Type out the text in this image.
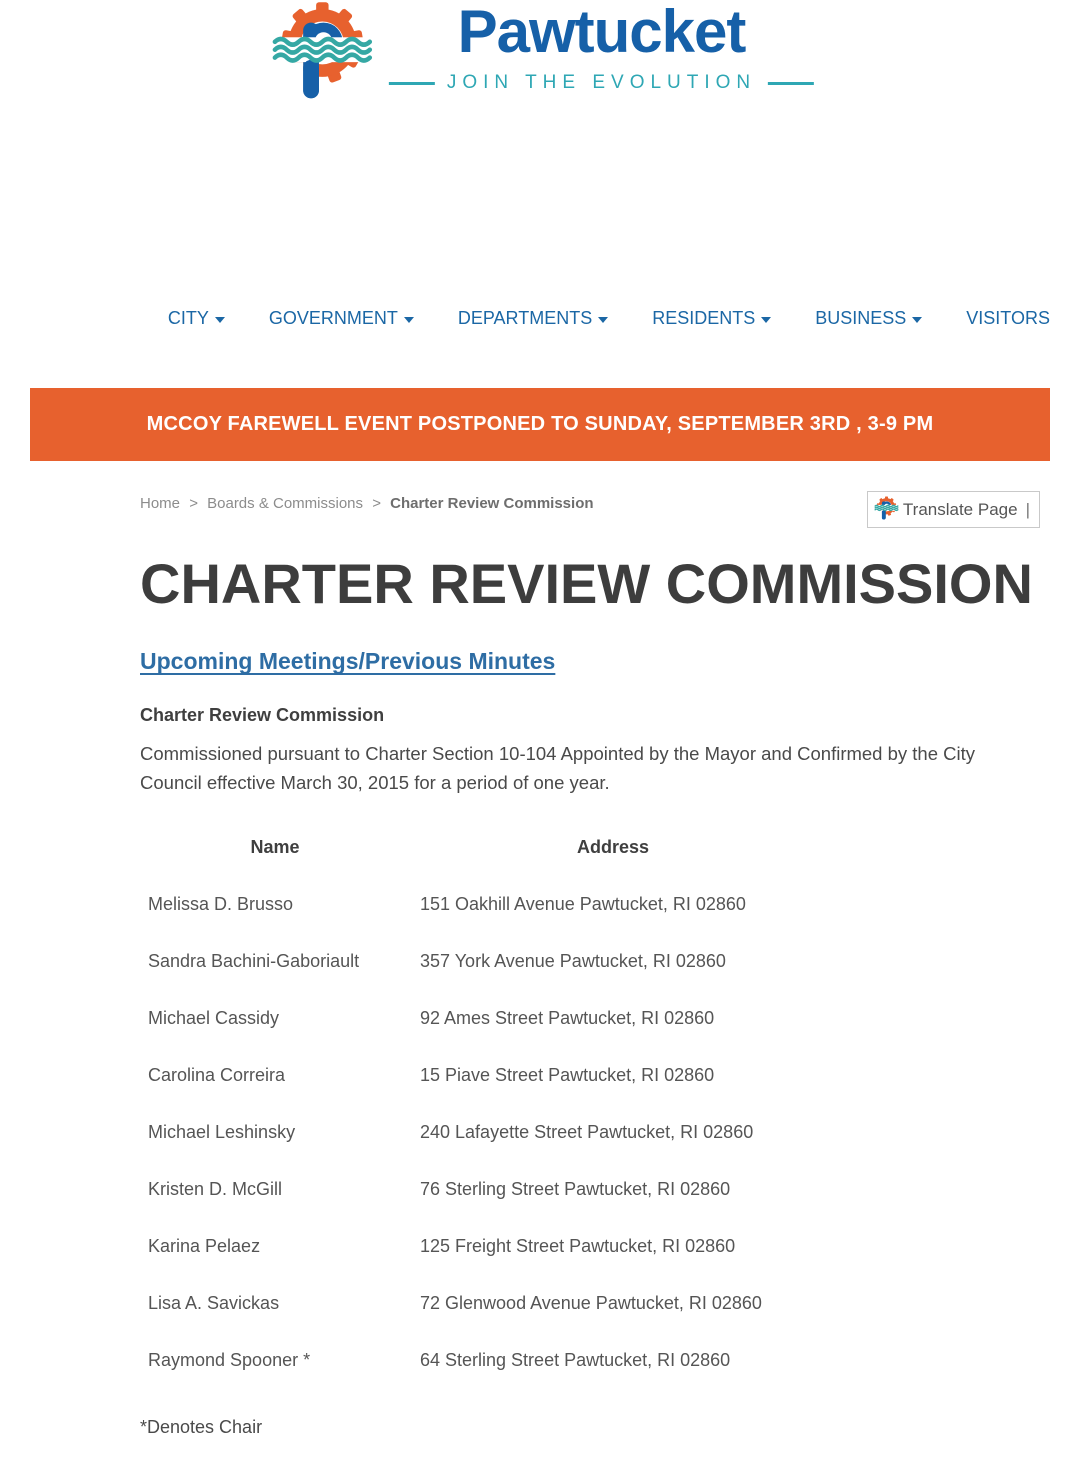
Pawtucket
JOIN THE EVOLUTION
CITY	GOVERNMENT	DEPARTMENTS	RESIDENTS	BUSINESS	VISITORS
MCCOY FAREWELL EVENT POSTPONED TO SUNDAY, SEPTEMBER 3RD , 3-9 PM
Home > Boards & Commissions > Charter Review Commission	Translate Page |
CHARTER REVIEW COMMISSION
Upcoming Meetings/Previous Minutes
Charter Review Commission

Commissioned pursuant to Charter Section 10-104 Appointed by the Mayor and Confirmed by the City Council effective March 30, 2015 for a period of one year.

Name	Address
Melissa D. Brusso	151 Oakhill Avenue Pawtucket, RI 02860
Sandra Bachini-Gaboriault	357 York Avenue Pawtucket, RI 02860
Michael Cassidy	92 Ames Street Pawtucket, RI 02860
Carolina Correira	15 Piave Street Pawtucket, RI 02860
Michael Leshinsky	240 Lafayette Street Pawtucket, RI 02860
Kristen D. McGill	76 Sterling Street Pawtucket, RI 02860
Karina Pelaez	125 Freight Street Pawtucket, RI 02860
Lisa A. Savickas	72 Glenwood Avenue Pawtucket, RI 02860
Raymond Spooner *	64 Sterling Street Pawtucket, RI 02860

*Denotes Chair
